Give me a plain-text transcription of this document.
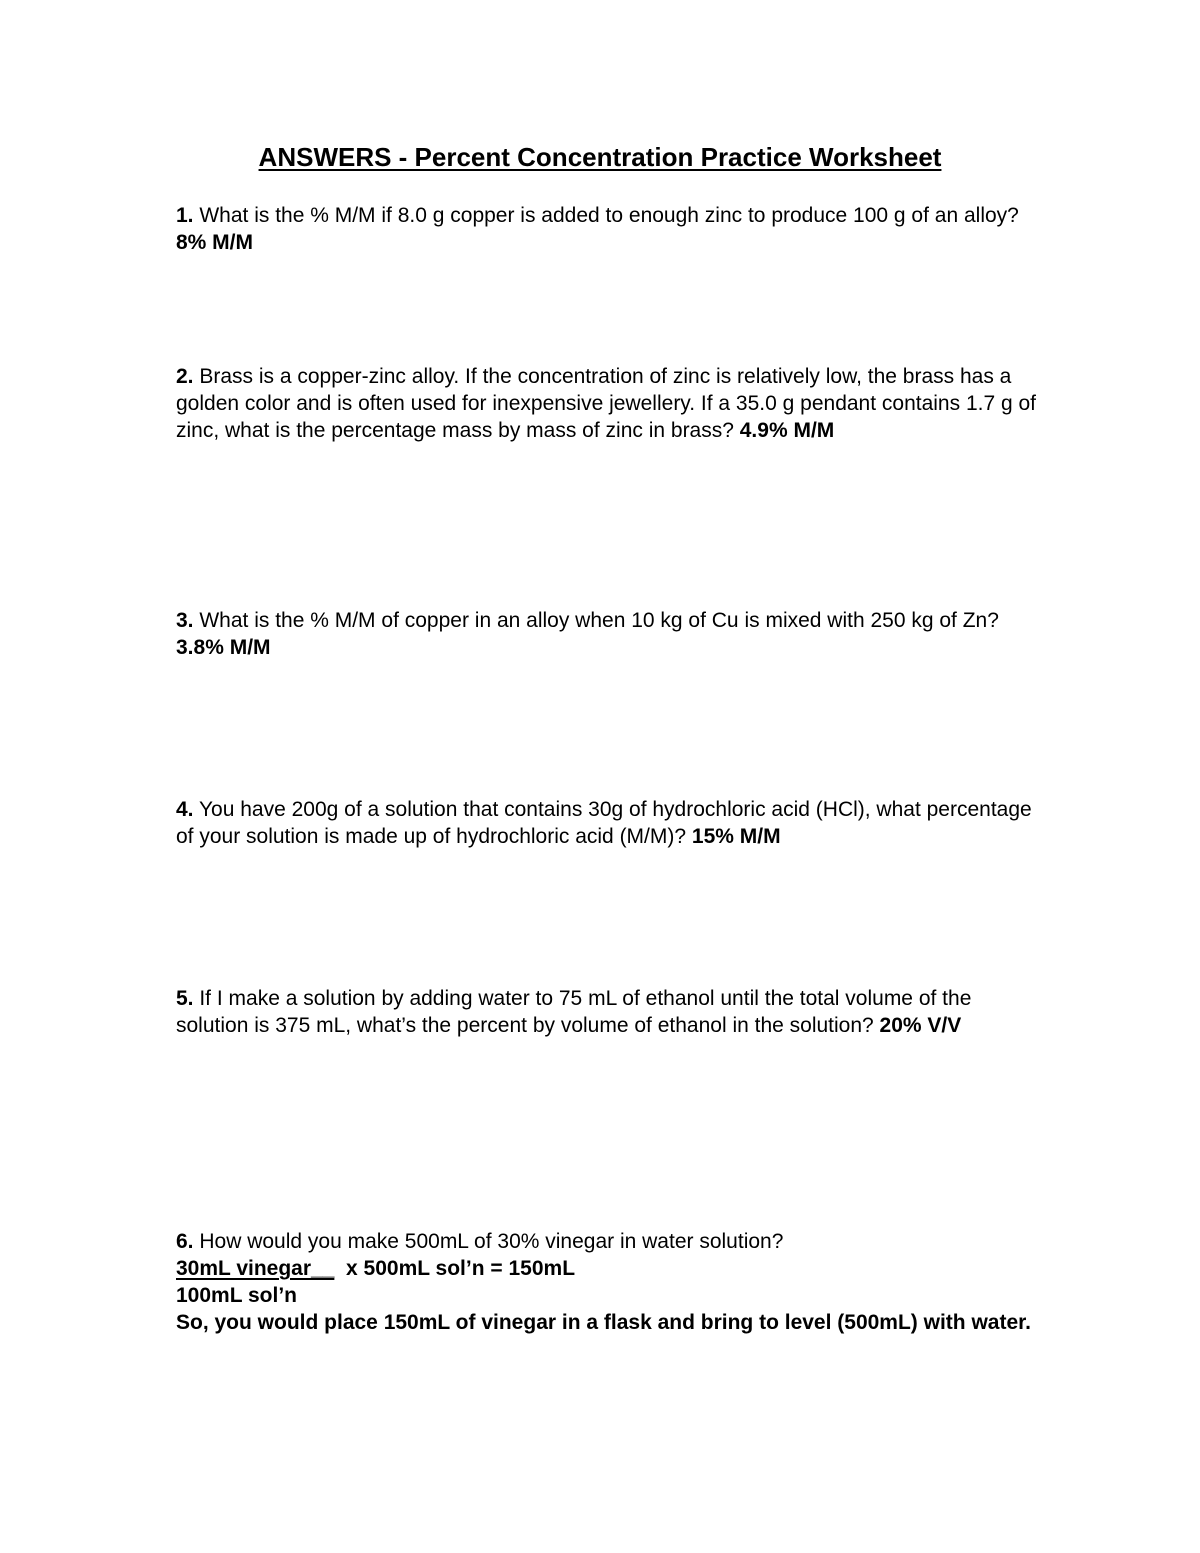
ANSWERS - Percent Concentration Practice Worksheet
1. What is the % M/M if 8.0 g copper is added to enough zinc to produce 100 g of an alloy? 8% M/M
2. Brass is a copper-zinc alloy. If the concentration of zinc is relatively low, the brass has a golden color and is often used for inexpensive jewellery. If a 35.0 g pendant contains 1.7 g of zinc, what is the percentage mass by mass of zinc in brass? 4.9% M/M
3. What is the % M/M of copper in an alloy when 10 kg of Cu is mixed with 250 kg of Zn? 3.8% M/M
4. You have 200g of a solution that contains 30g of hydrochloric acid (HCl), what percentage of your solution is made up of hydrochloric acid (M/M)? 15% M/M
5. If I make a solution by adding water to 75 mL of ethanol until the total volume of the solution is 375 mL, what’s the percent by volume of ethanol in the solution? 20% V/V
6. How would you make 500mL of 30% vinegar in water solution?
30mL vinegar__  x 500mL sol’n = 150mL
100mL sol’n
So, you would place 150mL of vinegar in a flask and bring to level (500mL) with water.
